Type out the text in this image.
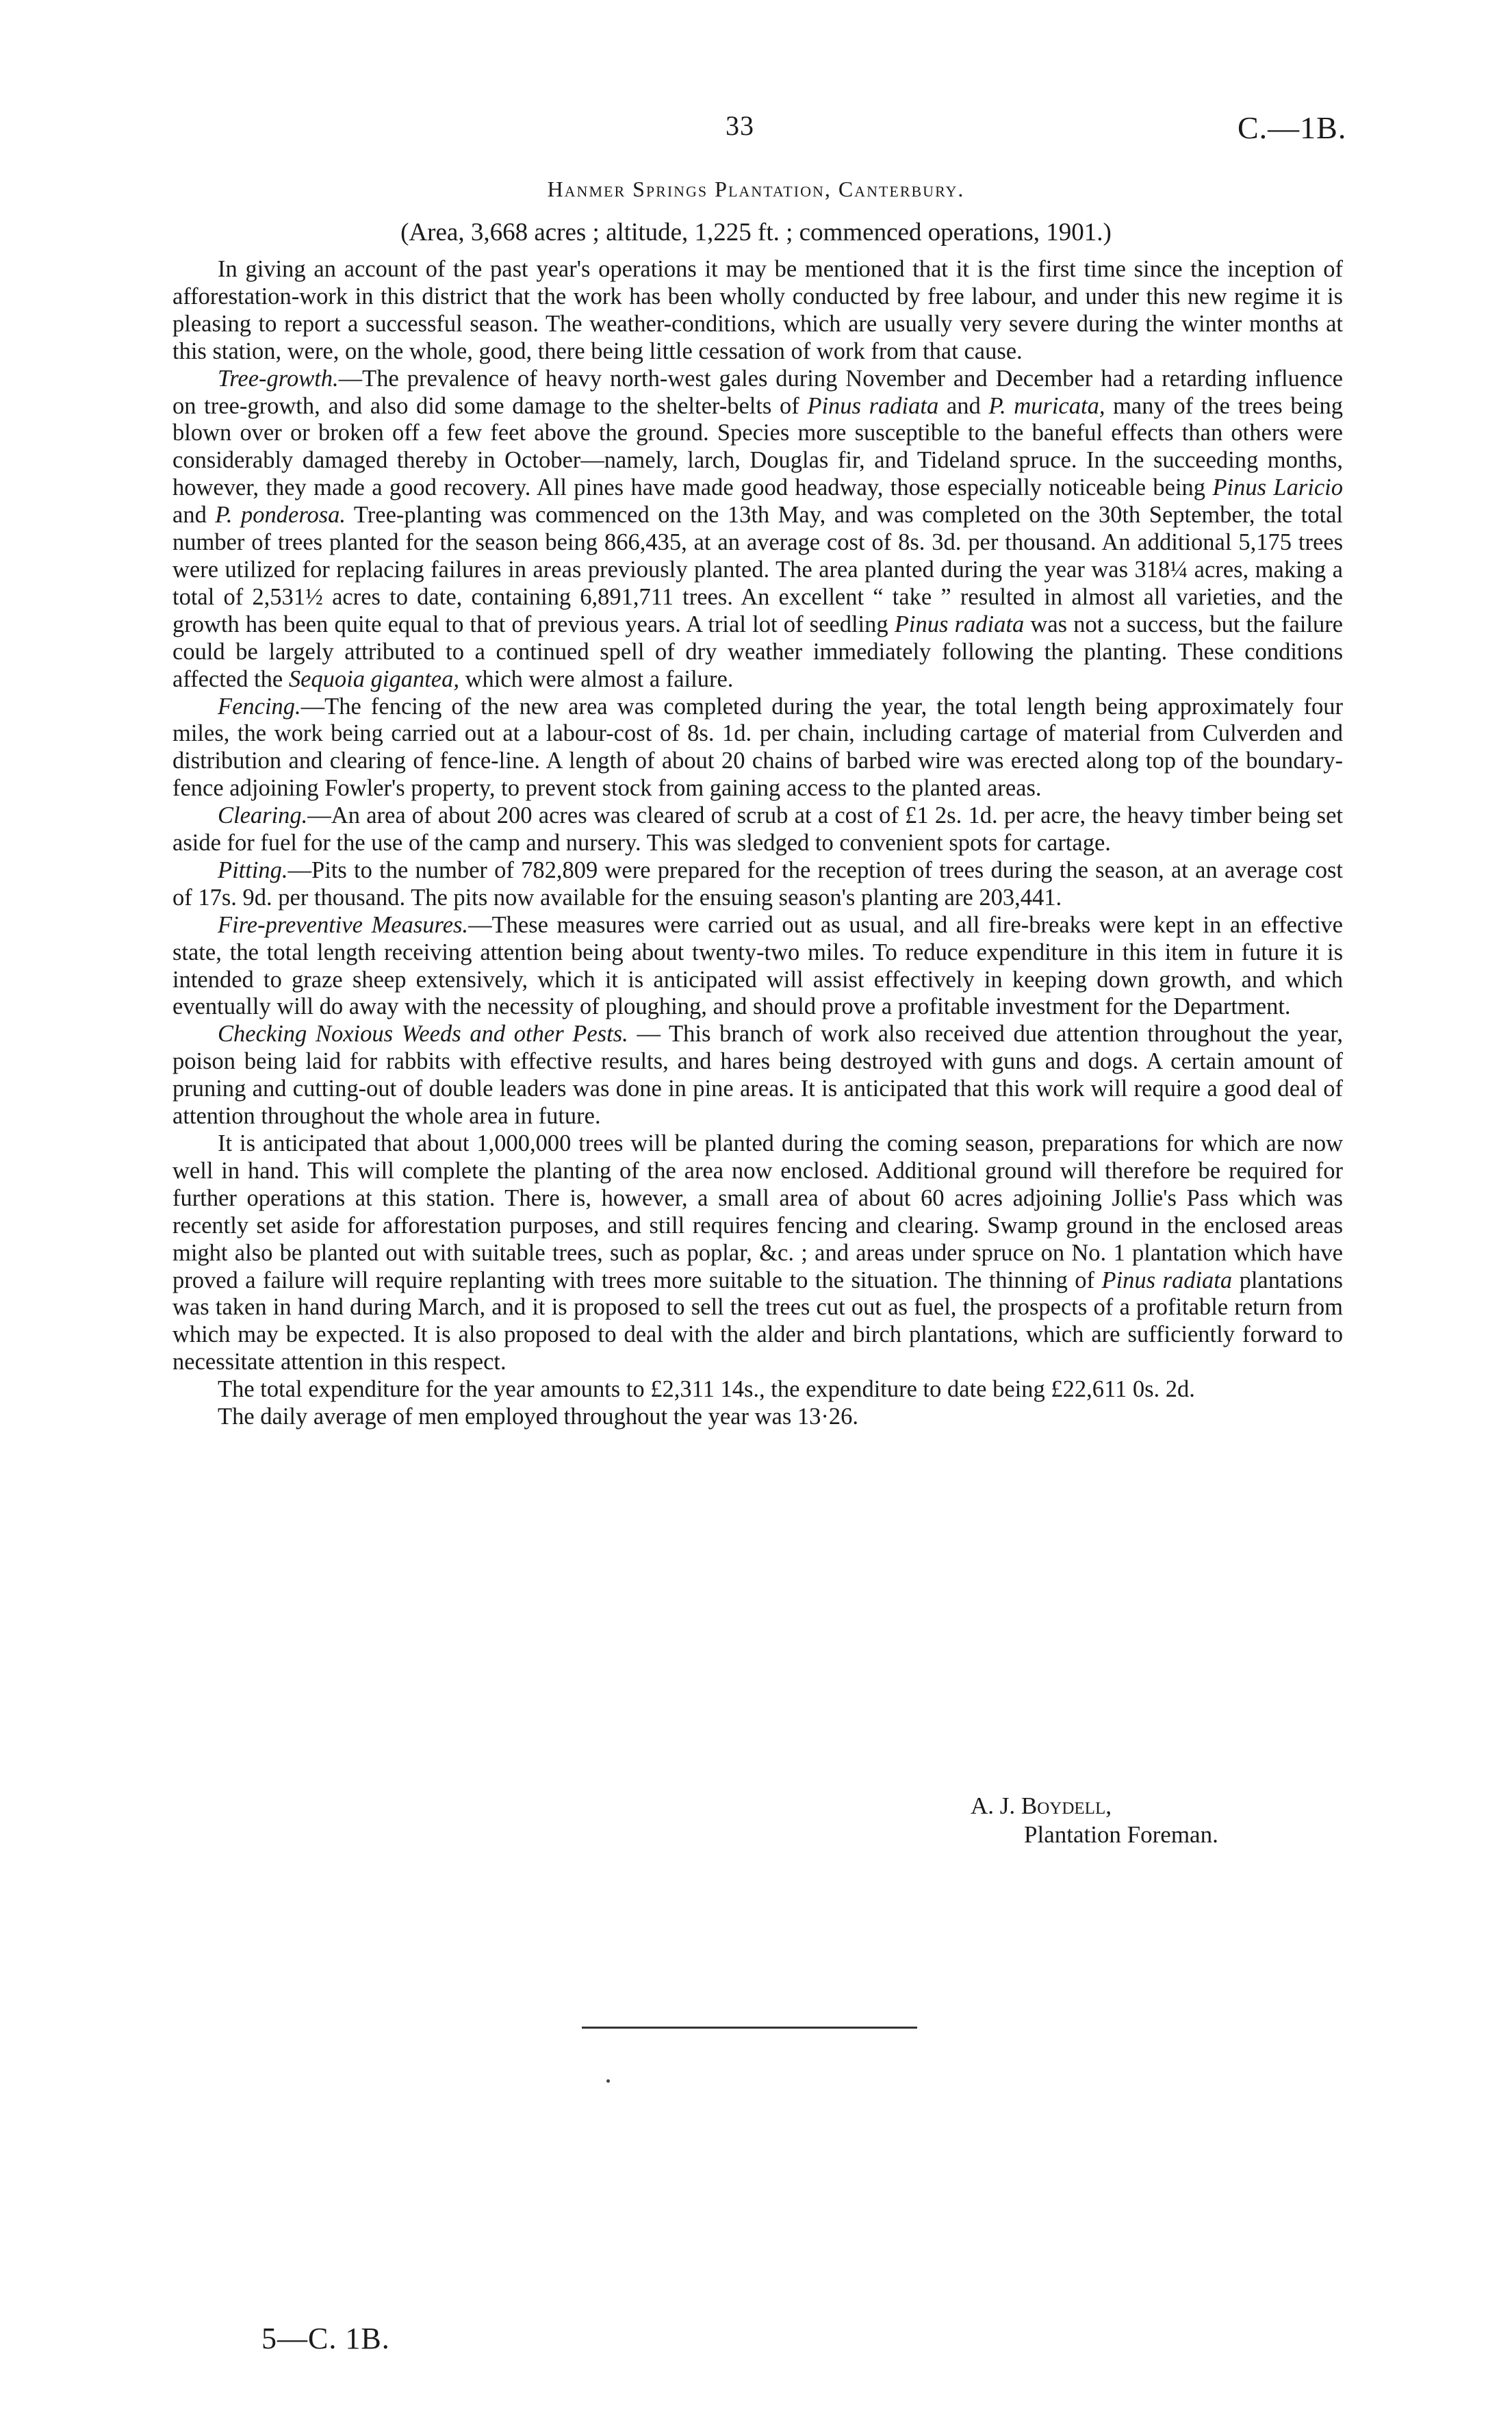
33	C.—1B.
Hanmer Springs Plantation, Canterbury.
(Area, 3,668 acres ; altitude, 1,225 ft. ; commenced operations, 1901.)

In giving an account of the past year's operations it may be mentioned that it is the first time since the inception of afforestation-work in this district that the work has been wholly conducted by free labour, and under this new regime it is pleasing to report a successful season. The weather-conditions, which are usually very severe during the winter months at this station, were, on the whole, good, there being little cessation of work from that cause.

Tree-growth.—The prevalence of heavy north-west gales during November and December had a retarding influence on tree-growth, and also did some damage to the shelter-belts of Pinus radiata and P. muricata, many of the trees being blown over or broken off a few feet above the ground. Species more susceptible to the baneful effects than others were considerably damaged thereby in October—namely, larch, Douglas fir, and Tideland spruce. In the succeeding months, however, they made a good recovery. All pines have made good headway, those especially noticeable being Pinus Laricio and P. ponderosa. Tree-planting was commenced on the 13th May, and was completed on the 30th September, the total number of trees planted for the season being 866,435, at an average cost of 8s. 3d. per thousand. An additional 5,175 trees were utilized for replacing failures in areas previously planted. The area planted during the year was 318¼ acres, making a total of 2,531½ acres to date, containing 6,891,711 trees. An excellent “ take ” resulted in almost all varieties, and the growth has been quite equal to that of previous years. A trial lot of seedling Pinus radiata was not a success, but the failure could be largely attributed to a continued spell of dry weather immediately following the planting. These conditions affected the Sequoia gigantea, which were almost a failure.

Fencing.—The fencing of the new area was completed during the year, the total length being approximately four miles, the work being carried out at a labour-cost of 8s. 1d. per chain, including cartage of material from Culverden and distribution and clearing of fence-line. A length of about 20 chains of barbed wire was erected along top of the boundary-fence adjoining Fowler's property, to prevent stock from gaining access to the planted areas.

Clearing.—An area of about 200 acres was cleared of scrub at a cost of £1 2s. 1d. per acre, the heavy timber being set aside for fuel for the use of the camp and nursery. This was sledged to convenient spots for cartage.

Pitting.—Pits to the number of 782,809 were prepared for the reception of trees during the season, at an average cost of 17s. 9d. per thousand. The pits now available for the ensuing season's planting are 203,441.

Fire-preventive Measures.—These measures were carried out as usual, and all fire-breaks were kept in an effective state, the total length receiving attention being about twenty-two miles. To reduce expenditure in this item in future it is intended to graze sheep extensively, which it is anticipated will assist effectively in keeping down growth, and which eventually will do away with the necessity of ploughing, and should prove a profitable investment for the Department.

Checking Noxious Weeds and other Pests. — This branch of work also received due attention throughout the year, poison being laid for rabbits with effective results, and hares being destroyed with guns and dogs. A certain amount of pruning and cutting-out of double leaders was done in pine areas. It is anticipated that this work will require a good deal of attention throughout the whole area in future.

It is anticipated that about 1,000,000 trees will be planted during the coming season, preparations for which are now well in hand. This will complete the planting of the area now enclosed. Additional ground will therefore be required for further operations at this station. There is, however, a small area of about 60 acres adjoining Jollie's Pass which was recently set aside for afforestation purposes, and still requires fencing and clearing. Swamp ground in the enclosed areas might also be planted out with suitable trees, such as poplar, &c. ; and areas under spruce on No. 1 plantation which have proved a failure will require replanting with trees more suitable to the situation. The thinning of Pinus radiata plantations was taken in hand during March, and it is proposed to sell the trees cut out as fuel, the prospects of a profitable return from which may be expected. It is also proposed to deal with the alder and birch plantations, which are sufficiently forward to necessitate attention in this respect.

The total expenditure for the year amounts to £2,311 14s., the expenditure to date being £22,611 0s. 2d.

The daily average of men employed throughout the year was 13·26.

A. J. Boydell,
Plantation Foreman.
5—C. 1B.
